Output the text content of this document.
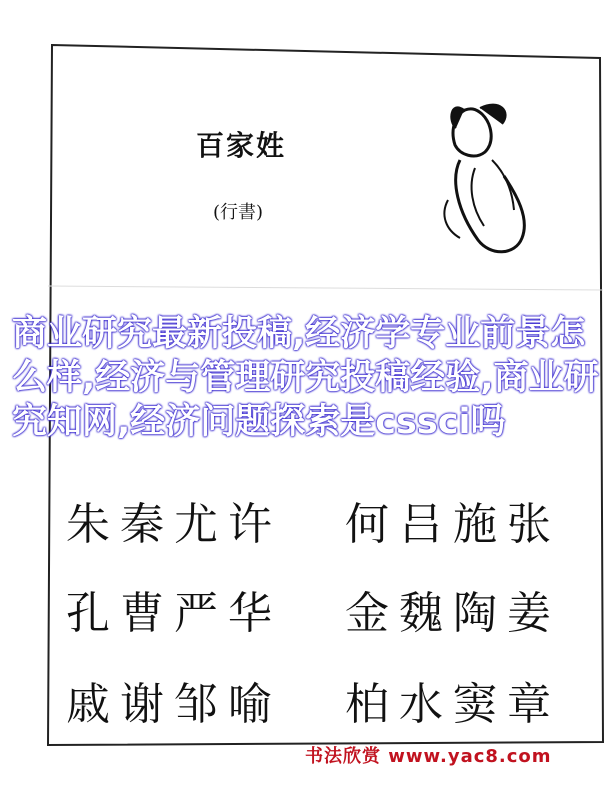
百家姓
(行書)
商业研究最新投稿,经济学专业前景怎么样,经济与管理研究投稿经验,商业研究知网,经济问题探索是cssci吗
朱秦尤许 何吕施张
孔曹严华 金魏陶姜
戚谢邹喻 柏水窦章
书法欣赏 www.yac8.com
